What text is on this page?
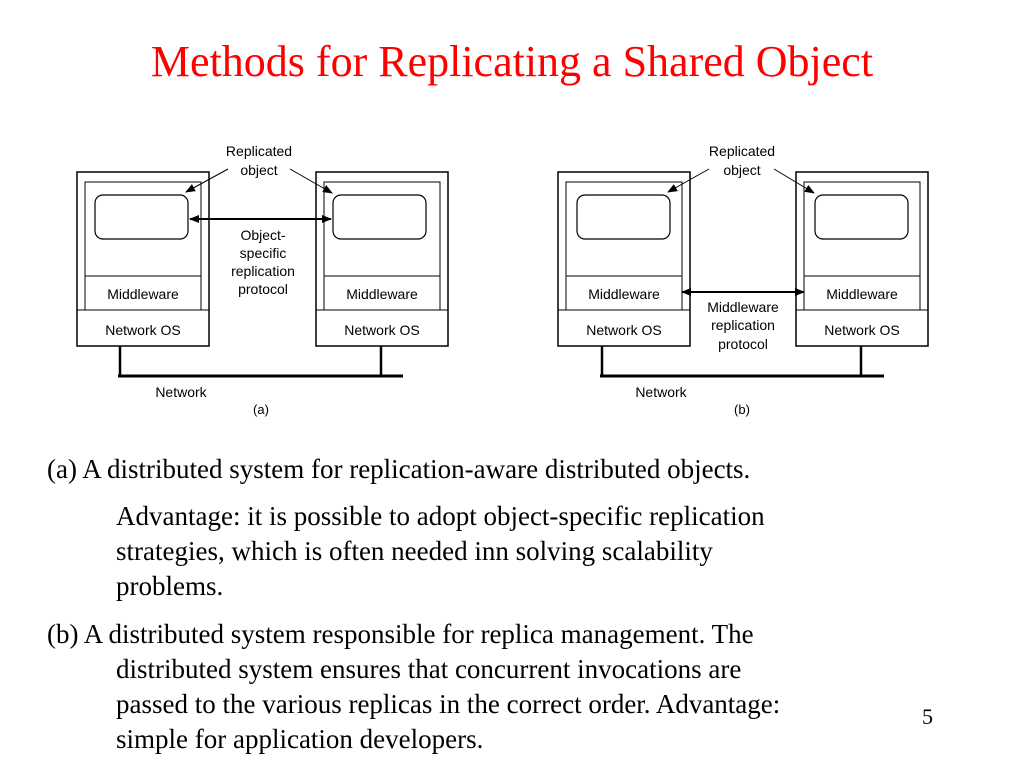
Methods for Replicating a Shared Object
Middleware
Network OS
Middleware
Network OS
Replicated
object
Object-
specific
replication
protocol
Network
(a)
Middleware
Network OS
Middleware
Network OS
Replicated
object
Middleware
replication
protocol
Network
(b)
(a) A distributed system for replication-aware distributed objects.
Advantage: it is possible to adopt object-specific replication
strategies, which is often needed inn solving scalability
problems.
(b) A distributed system responsible for replica management. The
distributed system ensures that concurrent invocations are
passed to the various replicas in the correct order. Advantage:
simple for application developers.
5
